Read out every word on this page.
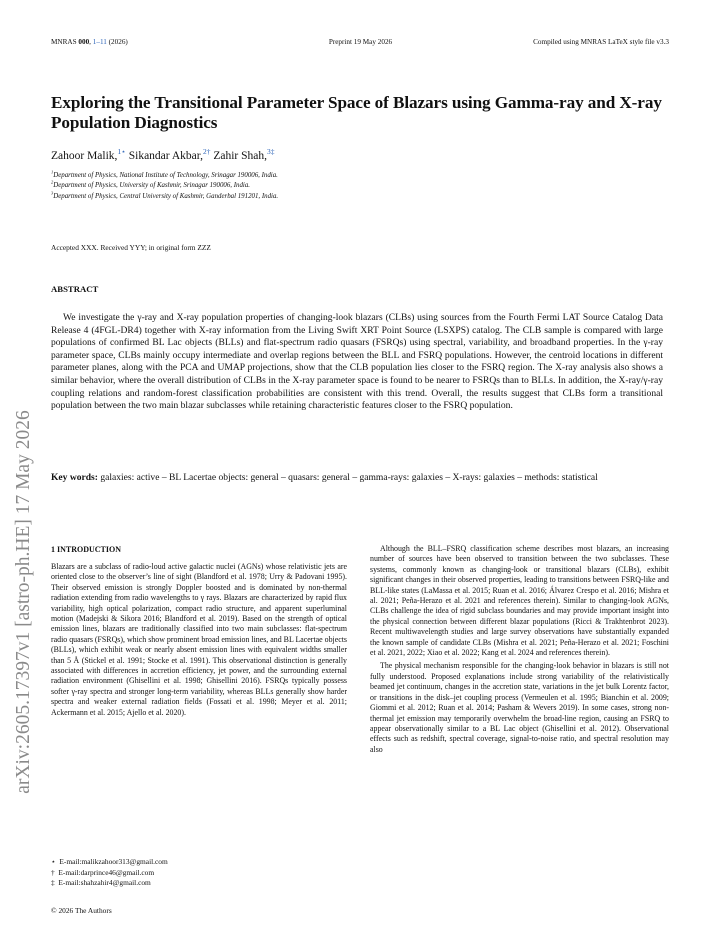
MNRAS 000, 1–11 (2026)	Preprint 19 May 2026	Compiled using MNRAS LaTeX style file v3.3
arXiv:2605.17397v1 [astro-ph.HE] 17 May 2026
Exploring the Transitional Parameter Space of Blazars using Gamma-ray and X-ray Population Diagnostics
Zahoor Malik,$^{1⋆}$ Sikandar Akbar,$^{2\dagger}$ Zahir Shah,$^{3\ddagger}$
$^1$Department of Physics, National Institute of Technology, Srinagar 190006, India.
$^2$Department of Physics, University of Kashmir, Srinagar 190006, India.
$^3$Department of Physics, Central University of Kashmir, Ganderbal 191201, India.
Accepted XXX. Received YYY; in original form ZZZ
ABSTRACT
We investigate the γ-ray and X-ray population properties of changing-look blazars (CLBs) using sources from the Fourth Fermi LAT Source Catalog Data Release 4 (4FGL-DR4) together with X-ray information from the Living Swift XRT Point Source (LSXPS) catalog. The CLB sample is compared with large populations of confirmed BL Lac objects (BLLs) and flat-spectrum radio quasars (FSRQs) using spectral, variability, and broadband properties. In the γ-ray parameter space, CLBs mainly occupy intermediate and overlap regions between the BLL and FSRQ populations. However, the centroid locations in different parameter planes, along with the PCA and UMAP projections, show that the CLB population lies closer to the FSRQ region. The X-ray analysis also shows a similar behavior, where the overall distribution of CLBs in the X-ray parameter space is found to be nearer to FSRQs than to BLLs. In addition, the X-ray/γ-ray coupling relations and random-forest classification probabilities are consistent with this trend. Overall, the results suggest that CLBs form a transitional population between the two main blazar subclasses while retaining characteristic features closer to the FSRQ population.
Key words: galaxies: active – BL Lacertae objects: general – quasars: general – gamma-rays: galaxies – X-rays: galaxies – methods: statistical
1 INTRODUCTION

Blazars are a subclass of radio-loud active galactic nuclei (AGNs) whose relativistic jets are oriented close to the observer’s line of sight (Blandford et al. 1978; Urry & Padovani 1995). Their observed emission is strongly Doppler boosted and is dominated by non-thermal radiation extending from radio wavelengths to γ rays. Blazars are characterized by rapid flux variability, high optical polarization, compact radio structure, and apparent superluminal motion (Madejski & Sikora 2016; Blandford et al. 2019). Based on the strength of optical emission lines, blazars are traditionally classified into two main subclasses: flat-spectrum radio quasars (FSRQs), which show prominent broad emission lines, and BL Lacertae objects (BLLs), which exhibit weak or nearly absent emission lines with equivalent widths smaller than 5 Å (Stickel et al. 1991; Stocke et al. 1991). This observational distinction is generally associated with differences in accretion efficiency, jet power, and the surrounding external radiation environment (Ghisellini et al. 1998; Ghisellini 2016). FSRQs typically possess softer γ-ray spectra and stronger long-term variability, whereas BLLs generally show harder spectra and weaker external radiation fields (Fossati et al. 1998; Meyer et al. 2011; Ackermann et al. 2015; Ajello et al. 2020).

Although the BLL–FSRQ classification scheme describes most blazars, an increasing number of sources have been observed to transition between the two subclasses. These systems, commonly known as changing-look or transitional blazars (CLBs), exhibit significant changes in their observed properties, leading to transitions between FSRQ-like and BLL-like states (LaMassa et al. 2015; Ruan et al. 2016; Álvarez Crespo et al. 2016; Mishra et al. 2021; Peña-Herazo et al. 2021 and references therein). Similar to changing-look AGNs, CLBs challenge the idea of rigid subclass boundaries and may provide important insight into the physical connection between different blazar populations (Ricci & Trakhtenbrot 2023). Recent multiwavelength studies and large survey observations have substantially expanded the known sample of candidate CLBs (Mishra et al. 2021; Peña-Herazo et al. 2021; Foschini et al. 2021, 2022; Xiao et al. 2022; Kang et al. 2024 and references therein).

The physical mechanism responsible for the changing-look behavior in blazars is still not fully understood. Proposed explanations include strong variability of the relativistically beamed jet continuum, changes in the accretion state, variations in the jet bulk Lorentz factor, or transitions in the disk–jet coupling process (Vermeulen et al. 1995; Bianchin et al. 2009; Giommi et al. 2012; Ruan et al. 2014; Pasham & Wevers 2019). In some cases, strong non-thermal jet emission may temporarily overwhelm the broad-line region, causing an FSRQ to appear observationally similar to a BL Lac object (Ghisellini et al. 2012). Observational effects such as redshift, spectral coverage, signal-to-noise ratio, and spectral resolution may also

⋆ E-mail:malikzahoor313@gmail.com
† E-mail:darprince46@gmail.com
‡ E-mail:shahzahir4@gmail.com
© 2026 The Authors
